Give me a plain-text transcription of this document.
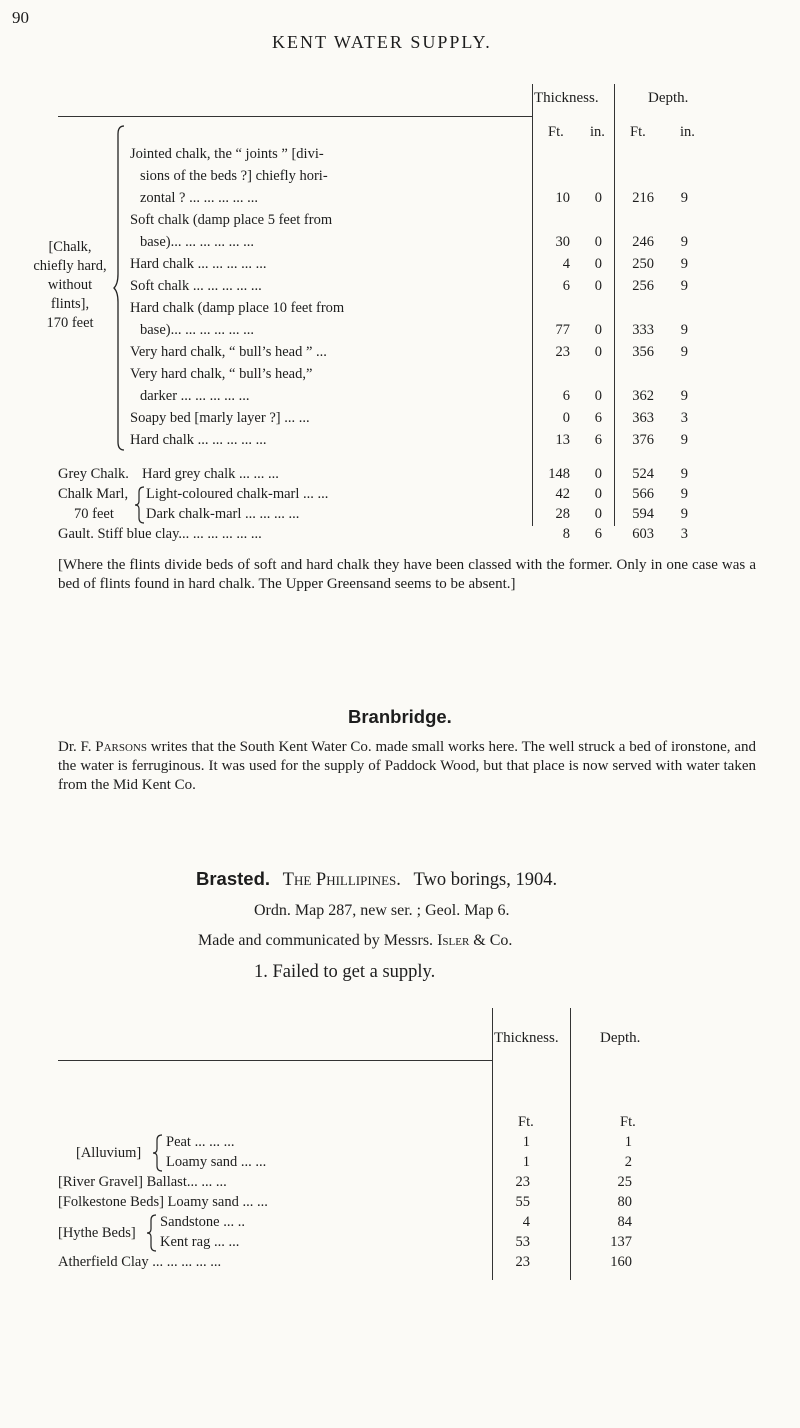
90
KENT WATER SUPPLY.
Thickness.	Depth.
Ft. in. Ft. in.
[Chalk,
chiefly hard,
without
flints],
170 feet
Jointed chalk, the “ joints ” [divi-
sions of the beds ?] chiefly hori-
zontal ? ... ... ... ... ...	10	0	216	9
Soft chalk (damp place 5 feet from
base)... ... ... ... ... ...	30	0	246	9
Hard chalk ... ... ... ... ...	4	0	250	9
Soft chalk ... ... ... ... ...	6	0	256	9
Hard chalk (damp place 10 feet from
base)... ... ... ... ... ...	77	0	333	9
Very hard chalk, “ bull’s head ” ...	23	0	356	9
Very hard chalk, “ bull’s head,”
darker ... ... ... ... ...	6	0	362	9
Soapy bed [marly layer ?] ... ...	0	6	363	3
Hard chalk ... ... ... ... ...	13	6	376	9
Grey Chalk. Hard grey chalk ... ... ...	148	0	524	9
Chalk Marl, Light-coloured chalk-marl ... ...	42	0	566	9
70 feet Dark chalk-marl ... ... ... ...	28	0	594	9
Gault. Stiff blue clay... ... ... ... ... ...	8	6	603	3
[Where the flints divide beds of soft and hard chalk they have been classed with the former. Only in one case was a bed of flints found in hard chalk. The Upper Greensand seems to be absent.]
Branbridge.
Dr. F. Parsons writes that the South Kent Water Co. made small works here. The well struck a bed of ironstone, and the water is ferruginous. It was used for the supply of Paddock Wood, but that place is now served with water taken from the Mid Kent Co.
Brasted. The Phillipines. Two borings, 1904.
Ordn. Map 287, new ser. ; Geol. Map 6.
Made and communicated by Messrs. Isler & Co.
1. Failed to get a supply.
Thickness.	Depth.
Ft.	Ft.
[Alluvium]
Peat ... ... ...	1	1
Loamy sand ... ...	1	2
[River Gravel] Ballast... ... ...	23	25
[Folkestone Beds] Loamy sand ... ...	55	80
[Hythe Beds]
Sandstone ... ..	4	84
Kent rag ... ...	53	137
Atherfield Clay ... ... ... ... ...	23	160
